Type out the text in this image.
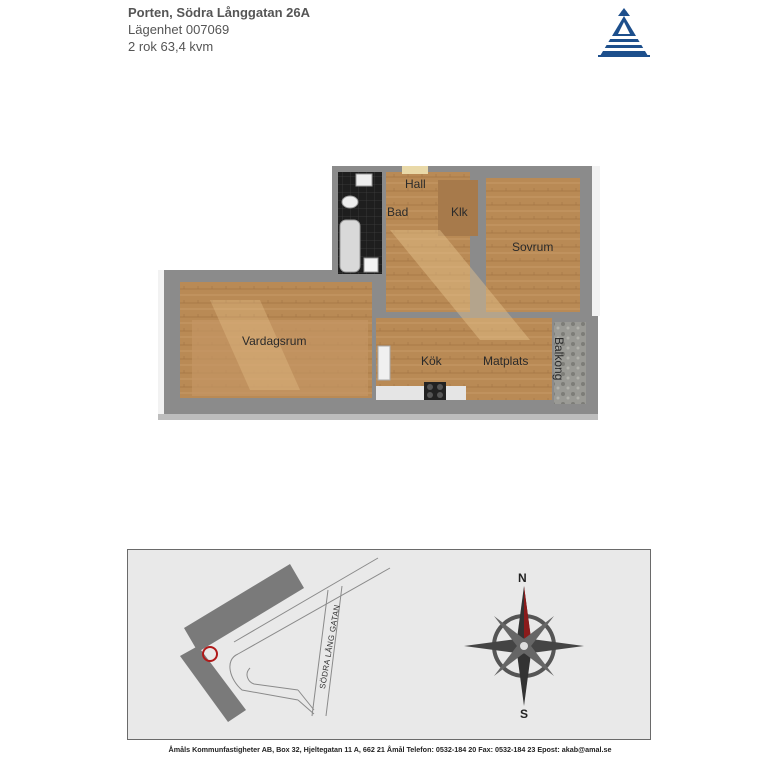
Porten, Södra Långgatan 26A
Lägenhet 007069
2 rok 63,4 kvm
Hall
Bad	Klk
Sovrum
Vardagsrum
Kök	Matplats Balkong
SÖDRA LÅNG GATAN
N
S
Åmåls Kommunfastigheter AB, Box 32, Hjeltegatan 11 A, 662 21 Åmål Telefon: 0532-184 20 Fax: 0532-184 23 Epost: akab@amal.se
